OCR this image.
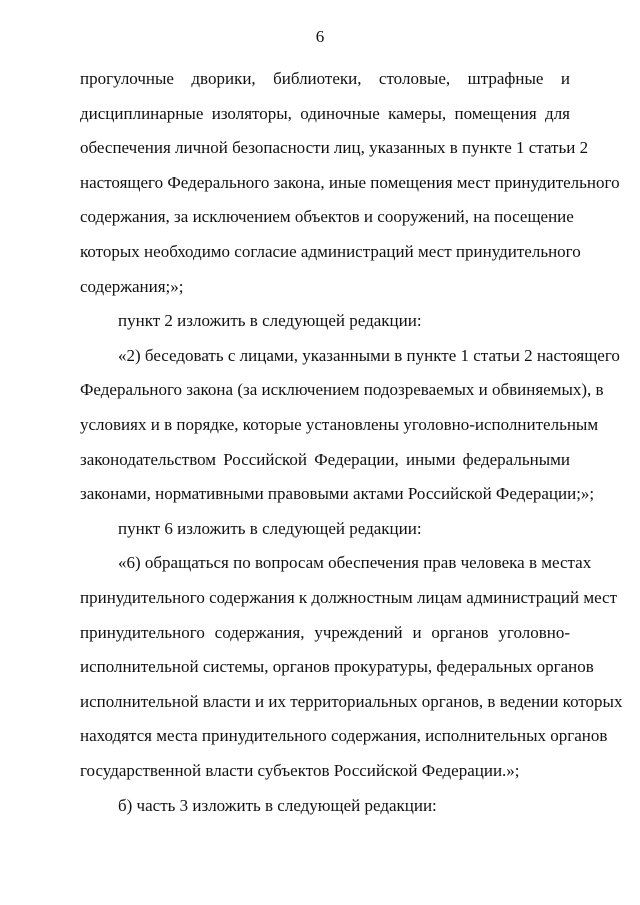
6
прогулочные дворики, библиотеки, столовые, штрафные и
дисциплинарные изоляторы, одиночные камеры, помещения для
обеспечения личной безопасности лиц, указанных в пункте 1 статьи 2
настоящего Федерального закона, иные помещения мест принудительного
содержания, за исключением объектов и сооружений, на посещение
которых необходимо согласие администраций мест принудительного
содержания;»;
пункт 2 изложить в следующей редакции:
«2) беседовать с лицами, указанными в пункте 1 статьи 2 настоящего
Федерального закона (за исключением подозреваемых и обвиняемых), в
условиях и в порядке, которые установлены уголовно-исполнительным
законодательством Российской Федерации, иными федеральными
законами, нормативными правовыми актами Российской Федерации;»;
пункт 6 изложить в следующей редакции:
«6) обращаться по вопросам обеспечения прав человека в местах
принудительного содержания к должностным лицам администраций мест
принудительного содержания, учреждений и органов уголовно-
исполнительной системы, органов прокуратуры, федеральных органов
исполнительной власти и их территориальных органов, в ведении которых
находятся места принудительного содержания, исполнительных органов
государственной власти субъектов Российской Федерации.»;
б) часть 3 изложить в следующей редакции:
